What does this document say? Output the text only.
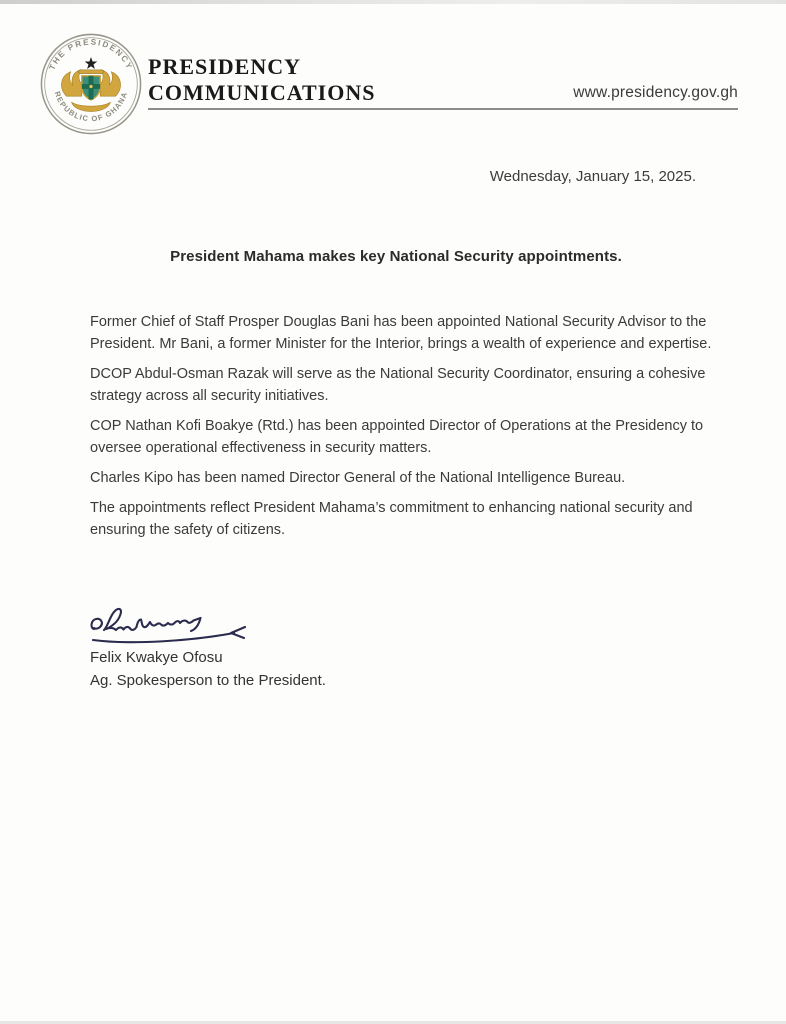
THE PRESIDENCY
REPUBLIC OF GHANA
PRESIDENCY
COMMUNICATIONS	www.presidency.gov.gh
Wednesday, January 15, 2025.
President Mahama makes key National Security appointments.

Former Chief of Staff Prosper Douglas Bani has been appointed National Security Advisor to the President. Mr Bani, a former Minister for the Interior, brings a wealth of experience and expertise.

DCOP Abdul-Osman Razak will serve as the National Security Coordinator, ensuring a cohesive strategy across all security initiatives.

COP Nathan Kofi Boakye (Rtd.) has been appointed Director of Operations at the Presidency to oversee operational effectiveness in security matters.

Charles Kipo has been named Director General of the National Intelligence Bureau.

The appointments reflect President Mahama’s commitment to enhancing national security and ensuring the safety of citizens.

Felix Kwakye Ofosu
Ag. Spokesperson to the President.
